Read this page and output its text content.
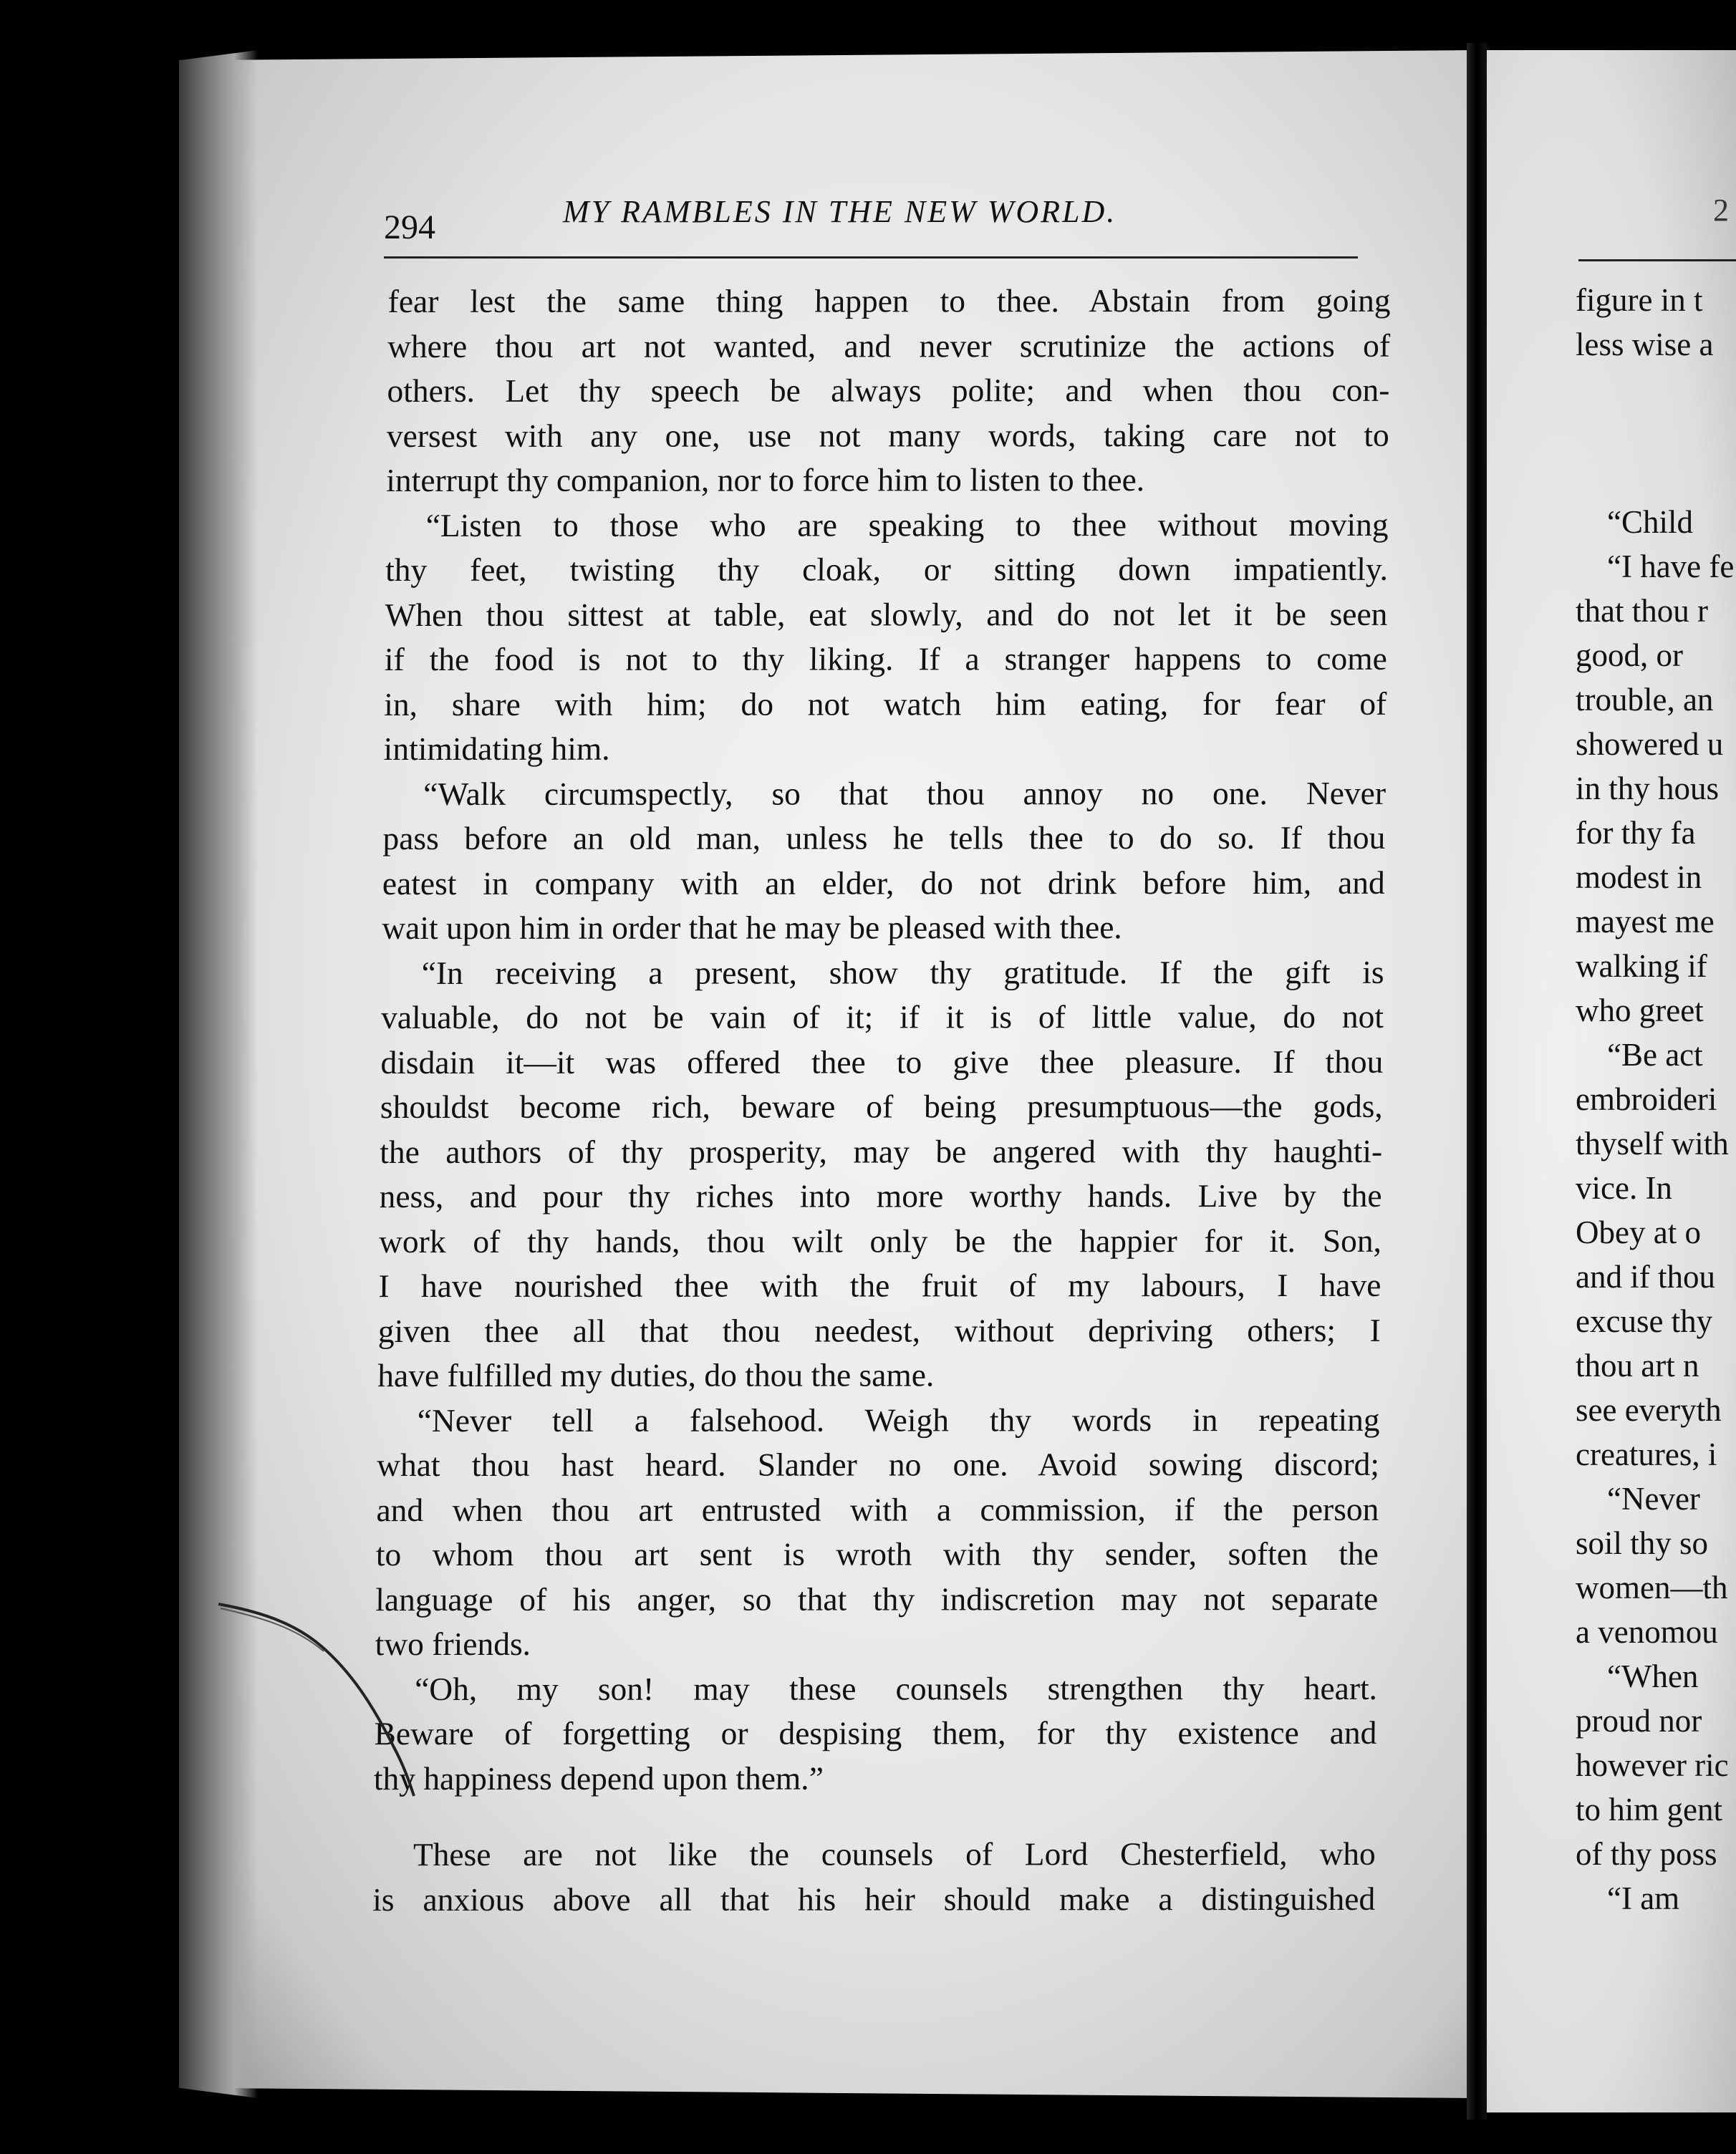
294	MY RAMBLES IN THE NEW WORLD.
fear lest the same thing happen to thee. Abstain from going
where thou art not wanted, and never scrutinize the actions of
others. Let thy speech be always polite; and when thou con-
versest with any one, use not many words, taking care not to
interrupt thy companion, nor to force him to listen to thee.
“Listen to those who are speaking to thee without moving
thy feet, twisting thy cloak, or sitting down impatiently.
When thou sittest at table, eat slowly, and do not let it be seen
if the food is not to thy liking. If a stranger happens to come
in, share with him; do not watch him eating, for fear of
intimidating him.
“Walk circumspectly, so that thou annoy no one. Never
pass before an old man, unless he tells thee to do so. If thou
eatest in company with an elder, do not drink before him, and
wait upon him in order that he may be pleased with thee.
“In receiving a present, show thy gratitude. If the gift is
valuable, do not be vain of it; if it is of little value, do not
disdain it—it was offered thee to give thee pleasure. If thou
shouldst become rich, beware of being presumptuous—the gods,
the authors of thy prosperity, may be angered with thy haughti-
ness, and pour thy riches into more worthy hands. Live by the
work of thy hands, thou wilt only be the happier for it. Son,
I have nourished thee with the fruit of my labours, I have
given thee all that thou needest, without depriving others; I
have fulfilled my duties, do thou the same.
“Never tell a falsehood. Weigh thy words in repeating
what thou hast heard. Slander no one. Avoid sowing discord;
and when thou art entrusted with a commission, if the person
to whom thou art sent is wroth with thy sender, soften the
language of his anger, so that thy indiscretion may not separate
two friends.
“Oh, my son! may these counsels strengthen thy heart.
Beware of forgetting or despising them, for thy existence and
thy happiness depend upon them.”
These are not like the counsels of Lord Chesterfield, who
is anxious above all that his heir should make a distinguished
2
figure in t
less wise a
“Child
“I have fe
that thou r
good, or
trouble, an
showered u
in thy hous
for thy fa
modest in
mayest me
walking if
who greet
“Be act
embroideri
thyself with
vice. In
Obey at o
and if thou
excuse thy
thou art n
see everyth
creatures, i
“Never
soil thy so
women—th
a venomou
“When
proud nor
however ric
to him gent
of thy poss
“I am
